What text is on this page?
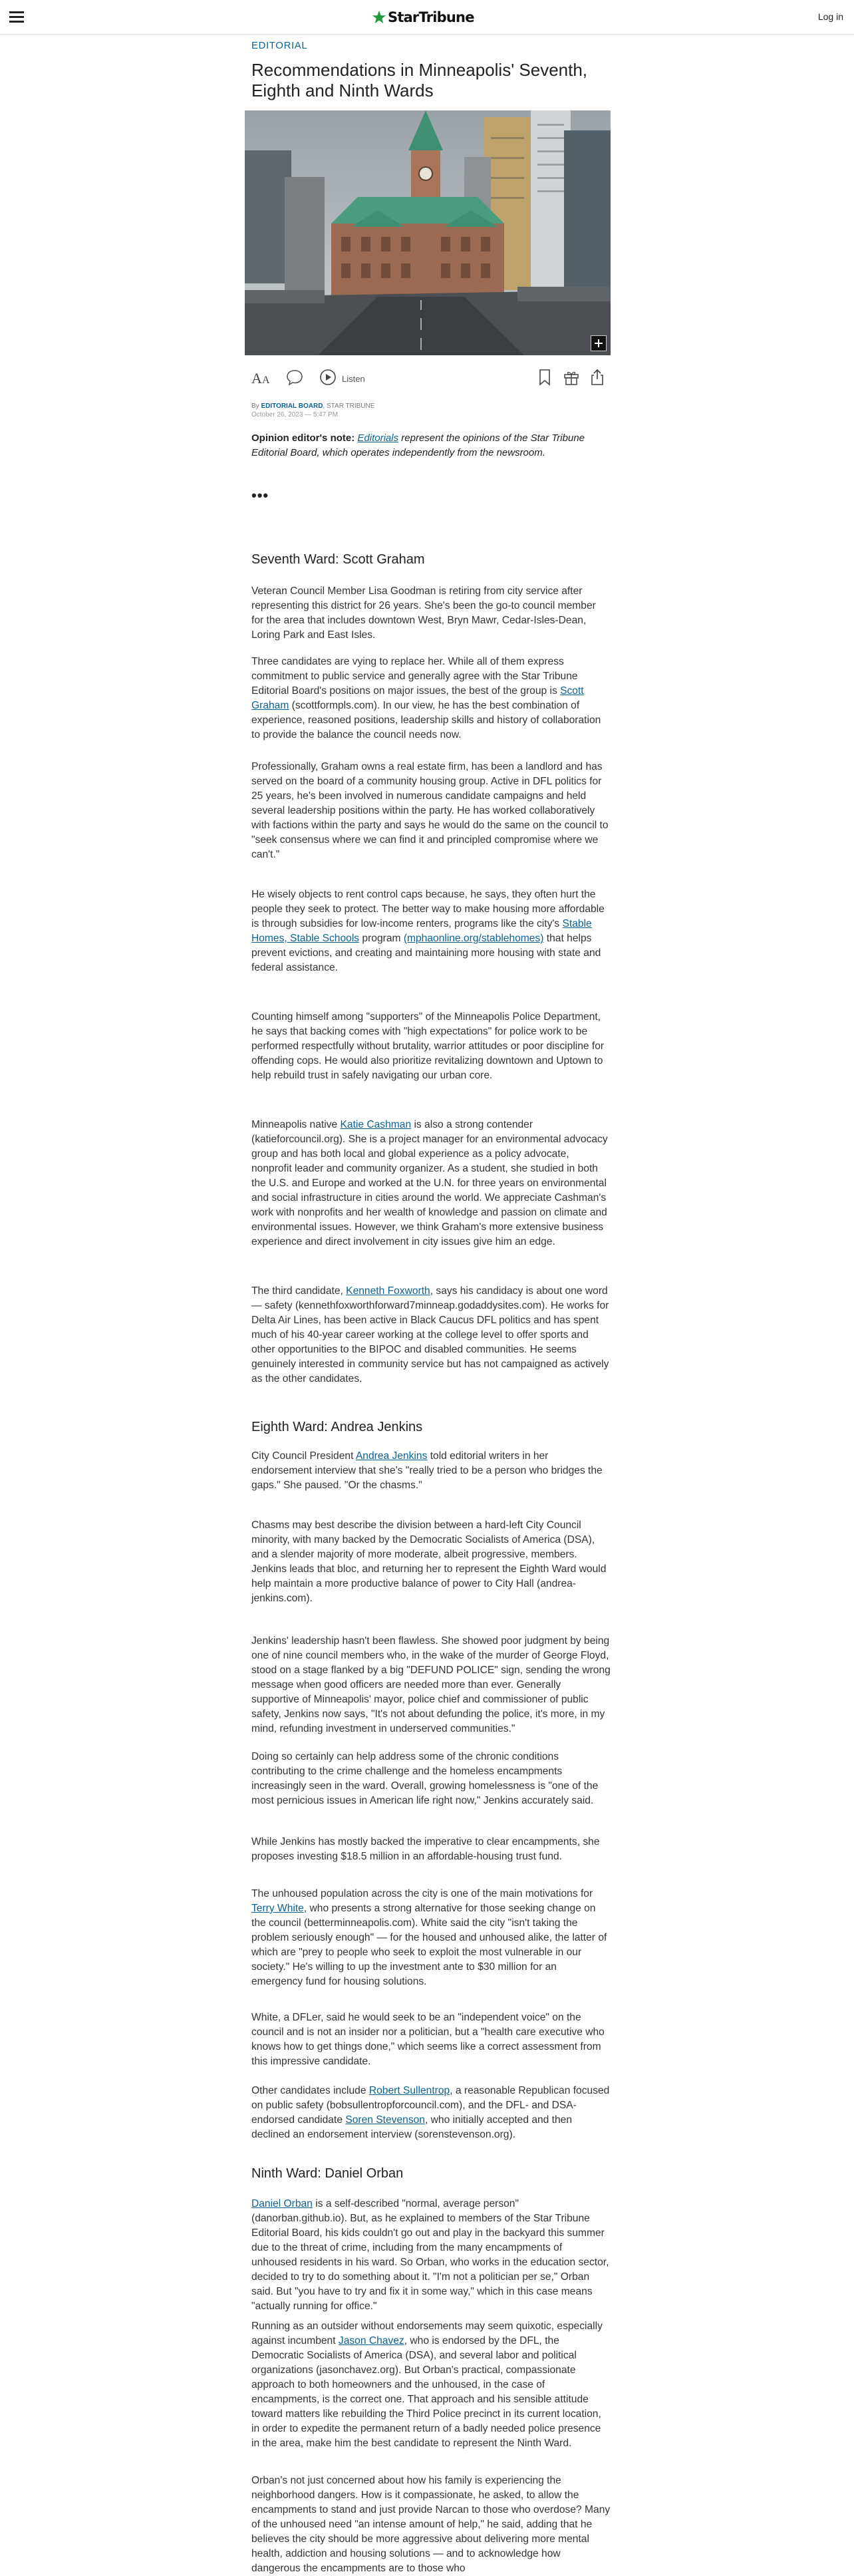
StarTribune	Log in
EDITORIAL
Recommendations in Minneapolis' Seventh, Eighth and Ninth Wards
A A	Listen
By EDITORIAL BOARD, STAR TRIBUNE
October 26, 2023 — 5:47 PM

Opinion editor's note: Editorials represent the opinions of the Star Tribune Editorial Board, which operates independently from the newsroom.

•••
Seventh Ward: Scott Graham

Veteran Council Member Lisa Goodman is retiring from city service after representing this district for 26 years. She's been the go-to council member for the area that includes downtown West, Bryn Mawr, Cedar-Isles-Dean, Loring Park and East Isles.

Three candidates are vying to replace her. While all of them express commitment to public service and generally agree with the Star Tribune Editorial Board's positions on major issues, the best of the group is Scott Graham (scottformpls.com). In our view, he has the best combination of experience, reasoned positions, leadership skills and history of collaboration to provide the balance the council needs now.

Professionally, Graham owns a real estate firm, has been a landlord and has served on the board of a community housing group. Active in DFL politics for 25 years, he's been involved in numerous candidate campaigns and held several leadership positions within the party. He has worked collaboratively with factions within the party and says he would do the same on the council to "seek consensus where we can find it and principled compromise where we can't."

He wisely objects to rent control caps because, he says, they often hurt the people they seek to protect. The better way to make housing more affordable is through subsidies for low-income renters, programs like the city's Stable Homes, Stable Schools program (mphaonline.org/stablehomes) that helps prevent evictions, and creating and maintaining more housing with state and federal assistance.

Counting himself among "supporters" of the Minneapolis Police Department, he says that backing comes with "high expectations" for police work to be performed respectfully without brutality, warrior attitudes or poor discipline for offending cops. He would also prioritize revitalizing downtown and Uptown to help rebuild trust in safely navigating our urban core.

Minneapolis native Katie Cashman is also a strong contender (katieforcouncil.org). She is a project manager for an environmental advocacy group and has both local and global experience as a policy advocate, nonprofit leader and community organizer. As a student, she studied in both the U.S. and Europe and worked at the U.N. for three years on environmental and social infrastructure in cities around the world. We appreciate Cashman's work with nonprofits and her wealth of knowledge and passion on climate and environmental issues. However, we think Graham's more extensive business experience and direct involvement in city issues give him an edge.

The third candidate, Kenneth Foxworth, says his candidacy is about one word — safety (kennethfoxworthforward7minneap.godaddysites.com). He works for Delta Air Lines, has been active in Black Caucus DFL politics and has spent much of his 40-year career working at the college level to offer sports and other opportunities to the BIPOC and disabled communities. He seems genuinely interested in community service but has not campaigned as actively as the other candidates.

Eighth Ward: Andrea Jenkins

City Council President Andrea Jenkins told editorial writers in her endorsement interview that she's "really tried to be a person who bridges the gaps." She paused. "Or the chasms."

Chasms may best describe the division between a hard-left City Council minority, with many backed by the Democratic Socialists of America (DSA), and a slender majority of more moderate, albeit progressive, members. Jenkins leads that bloc, and returning her to represent the Eighth Ward would help maintain a more productive balance of power to City Hall (andrea-jenkins.com).

Jenkins' leadership hasn't been flawless. She showed poor judgment by being one of nine council members who, in the wake of the murder of George Floyd, stood on a stage flanked by a big "DEFUND POLICE" sign, sending the wrong message when good officers are needed more than ever. Generally supportive of Minneapolis' mayor, police chief and commissioner of public safety, Jenkins now says, "It's not about defunding the police, it's more, in my mind, refunding investment in underserved communities."

Doing so certainly can help address some of the chronic conditions contributing to the crime challenge and the homeless encampments increasingly seen in the ward. Overall, growing homelessness is "one of the most pernicious issues in American life right now," Jenkins accurately said.

While Jenkins has mostly backed the imperative to clear encampments, she proposes investing $18.5 million in an affordable-housing trust fund.

The unhoused population across the city is one of the main motivations for Terry White, who presents a strong alternative for those seeking change on the council (betterminneapolis.com). White said the city "isn't taking the problem seriously enough" — for the housed and unhoused alike, the latter of which are "prey to people who seek to exploit the most vulnerable in our society." He's willing to up the investment ante to $30 million for an emergency fund for housing solutions.

White, a DFLer, said he would seek to be an "independent voice" on the council and is not an insider nor a politician, but a "health care executive who knows how to get things done," which seems like a correct assessment from this impressive candidate.

Other candidates include Robert Sullentrop, a reasonable Republican focused on public safety (bobsullentropforcouncil.com), and the DFL- and DSA-endorsed candidate Soren Stevenson, who initially accepted and then declined an endorsement interview (sorenstevenson.org).

Ninth Ward: Daniel Orban

Daniel Orban is a self-described "normal, average person" (danorban.github.io). But, as he explained to members of the Star Tribune Editorial Board, his kids couldn't go out and play in the backyard this summer due to the threat of crime, including from the many encampments of unhoused residents in his ward. So Orban, who works in the education sector, decided to try to do something about it. "I'm not a politician per se," Orban said. But "you have to try and fix it in some way," which in this case means "actually running for office."

Running as an outsider without endorsements may seem quixotic, especially against incumbent Jason Chavez, who is endorsed by the DFL, the Democratic Socialists of America (DSA), and several labor and political organizations (jasonchavez.org). But Orban's practical, compassionate approach to both homeowners and the unhoused, in the case of encampments, is the correct one. That approach and his sensible attitude toward matters like rebuilding the Third Police precinct in its current location, in order to expedite the permanent return of a badly needed police presence in the area, make him the best candidate to represent the Ninth Ward.

Orban's not just concerned about how his family is experiencing the neighborhood dangers. How is it compassionate, he asked, to allow the encampments to stand and just provide Narcan to those who overdose? Many of the unhoused need "an intense amount of help," he said, adding that he believes the city should be more aggressive about delivering more mental health, addiction and housing solutions — and to acknowledge how dangerous the encampments are to those who
